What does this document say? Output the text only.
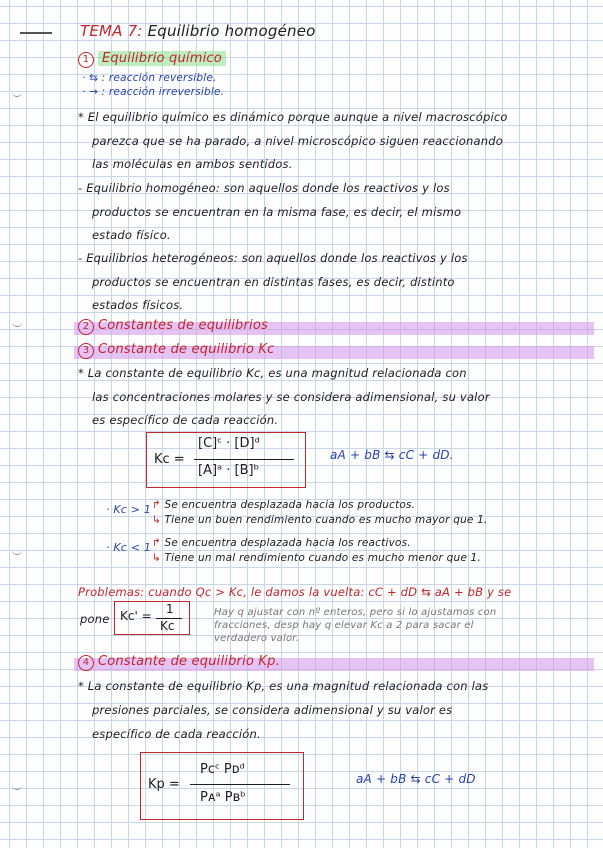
TEMA 7: Equilibrio homogéneo
1 Equilibrio químico
· ⇆ : reacción reversible.
· → : reacción irreversible.
* El equilibrio químico es dinámico porque aunque a nivel macroscópico
parezca que se ha parado, a nivel microscópico siguen reaccionando
las moléculas en ambos sentidos.
- Equilibrio homogéneo: son aquellos donde los reactivos y los
productos se encuentran en la misma fase, es decir, el mismo
estado físico.
- Equilibrios heterogéneos: son aquellos donde los reactivos y los
productos se encuentran en distintas fases, es decir, distinto
estados físicos.
2 Constantes de equilibrios
3 Constante de equilibrio Kc
* La constante de equilibrio Kc, es una magnitud relacionada con
las concentraciones molares y se considera adimensional, su valor
es específico de cada reacción.
Kc =
[C]ᶜ · [D]ᵈ
[A]ᵃ · [B]ᵇ
aA + bB ⇆ cC + dD.
· Kc > 1 ↱ Se encuentra desplazada hacia los productos.
↳ Tiene un buen rendimiento cuando es mucho mayor que 1.
· Kc < 1 ↱ Se encuentra desplazada hacia los reactivos.
↳ Tiene un mal rendimiento cuando es mucho menor que 1.
Problemas: cuando Qc > Kc, le damos la vuelta: cC + dD ⇆ aA + bB y se
pone Kc' = 1
Kc
Hay q ajustar con nº enteros, pero si lo ajustamos con
fracciones, desp hay q elevar Kc a 2 para sacar el
verdadero valor.
4 Constante de equilibrio Kp.
* La constante de equilibrio Kp, es una magnitud relacionada con las
presiones parciales, se considera adimensional y su valor es
específico de cada reacción.
Kp =
Pᴄᶜ Pᴅᵈ
Pᴀᵃ Pʙᵇ
aA + bB ⇆ cC + dD
